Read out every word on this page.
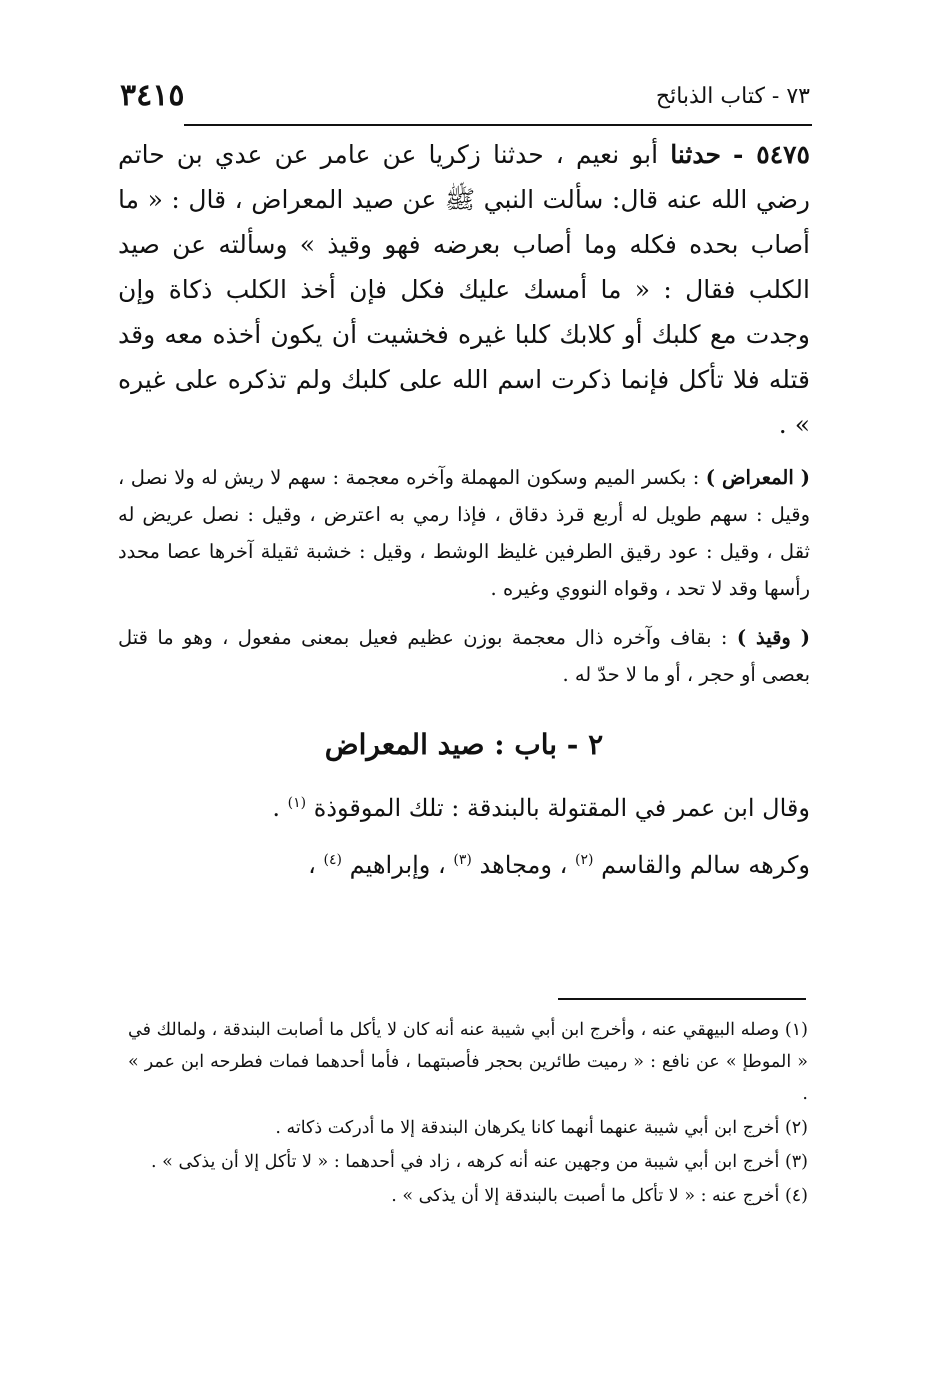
٣٤١٥	٧٣ - كتاب الذبائح

٥٤٧٥ - حدثنا أبو نعيم ، حدثنا زكريا عن عامر عن عدي بن حاتم رضي الله عنه قال: سألت النبي ﷺ عن صيد المعراض ، قال : « ما أصاب بحده فكله وما أصاب بعرضه فهو وقيذ » وسألته عن صيد الكلب فقال : « ما أمسك عليك فكل فإن أخذ الكلب ذكاة وإن وجدت مع كلبك أو كلابك كلبا غيره فخشيت أن يكون أخذه معه وقد قتله فلا تأكل فإنما ذكرت اسم الله على كلبك ولم تذكره على غيره » .

( المعراض ) : بكسر الميم وسكون المهملة وآخره معجمة : سهم لا ريش له ولا نصل ، وقيل : سهم طويل له أربع قرذ دقاق ، فإذا رمي به اعترض ، وقيل : نصل عريض له ثقل ، وقيل : عود رقيق الطرفين غليظ الوشط ، وقيل : خشبة ثقيلة آخرها عصا محدد رأسها وقد لا تحد ، وقواه النووي وغيره .

( وقيذ ) : بقاف وآخره ذال معجمة بوزن عظيم فعيل بمعنى مفعول ، وهو ما قتل بعصى أو حجر ، أو ما لا حدّ له .

٢ - باب : صيد المعراض

وقال ابن عمر في المقتولة بالبندقة : تلك الموقوذة $^{(١)}$ .

وكرهه سالم والقاسم $^{(٢)}$ ، ومجاهد $^{(٣)}$ ، وإبراهيم $^{(٤)}$ ،

(١) وصله البيهقي عنه ، وأخرج ابن أبي شيبة عنه أنه كان لا يأكل ما أصابت البندقة ، ولمالك في « الموطإ » عن نافع : « رميت طائرين بحجر فأصبتهما ، فأما أحدهما فمات فطرحه ابن عمر » .

(٢) أخرج ابن أبي شيبة عنهما أنهما كانا يكرهان البندقة إلا ما أدركت ذكاته .

(٣) أخرج ابن أبي شيبة من وجهين عنه أنه كرهه ، زاد في أحدهما : « لا تأكل إلا أن يذكى » .

(٤) أخرج عنه : « لا تأكل ما أصبت بالبندقة إلا أن يذكى » .
